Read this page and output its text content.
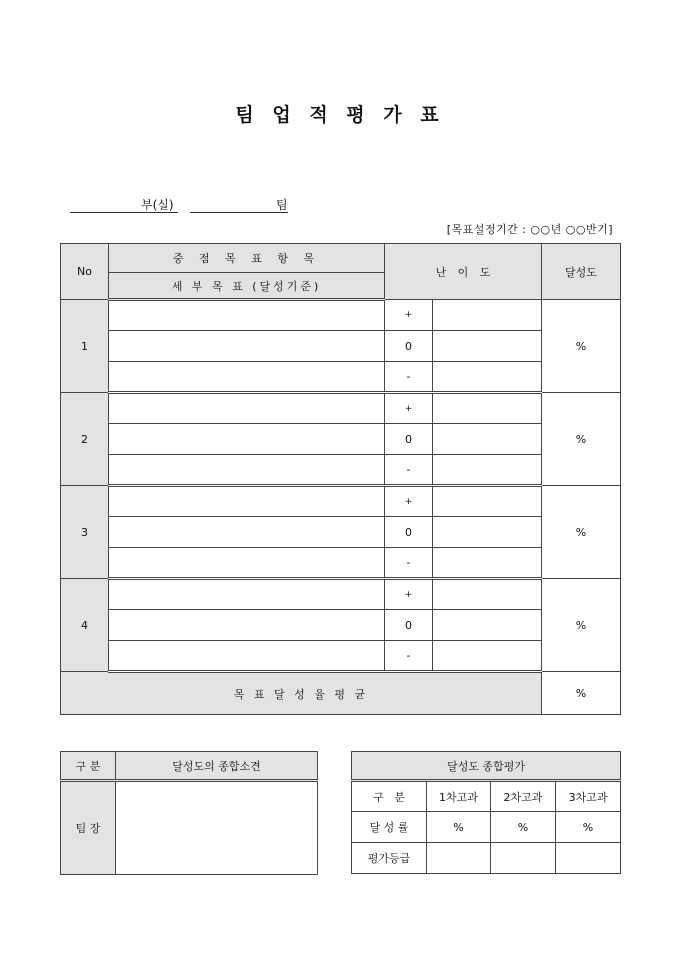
팀 업 적 평 가 표
부(실)	팀
[목표설정기간 : ○○년 ○○반기]
No	중 점 목 표 항 목	난 이 도		달성도
	세 부 목 표 (달성기준)			
1		+		%
		0		
		-		
2		+		%
		0		
		-		
3		+		%
		0		
		-		
4		+		%
		0		
		-		
목 표 달 성 율 평 균				%
구 분	달성도의 종합소견
팀 장	
달성도 종합평가			
구   분	1차고과	2차고과	3차고과
달 성 률	%	%	%
평가등급			
